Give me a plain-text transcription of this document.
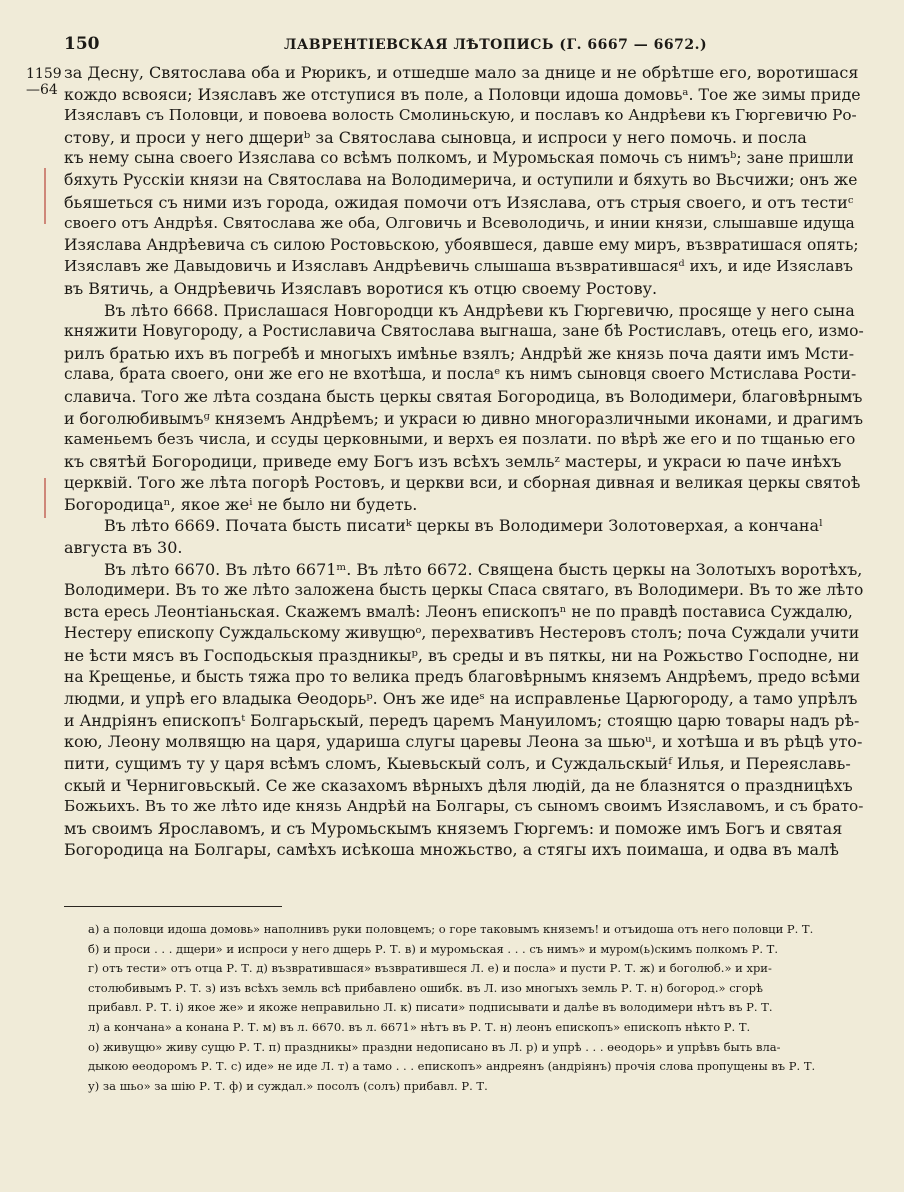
150	ЛАВРЕНТІЕВСКАЯ ЛѢТОПИСЬ (Г. 6667 — 6672.)
1159
—64
за Десну, Святослава оба и Рюрикъ, и отшедше мало за днице и не обрѣтше его, воротишася
кождо всвояси; Изяславъ же отступися въ поле, а Половци идоша домовьᵃ. Тое же зимы приде
Изяславъ съ Половци, и повоева волость Смолиньскую, и пославъ ко Андрѣеви къ Гюргевичю Ро-
стову, и проси у него дщериᵇ за Святослава сыновца, и испроси у него помочь. и посла
къ нему сына своего Изяслава со всѣмъ полкомъ, и Муромьская помочь съ нимъᵇ; зане пришли
бяхуть Русскіи князи на Святослава на Володимерича, и оступили и бяхуть во Вьсчижи; онъ же
бьяшеться съ ними изъ города, ожидая помочи отъ Изяслава, отъ стрыя своего, и отъ тестиᶜ
своего отъ Андрѣя. Святослава же оба, Олговичь и Всеволодичь, и инии князи, слышавше идуща
Изяслава Андрѣевича съ силою Ростовьскою, убоявшеся, давше ему миръ, възвратишася опять;
Изяславъ же Давыдовичь и Изяславъ Андрѣевичь слышаша възвратившасяᵈ ихъ, и иде Изяславъ
въ Вятичь, а Ондрѣевичь Изяславъ воротися къ отцю своему Ростову.
Въ лѣто 6668. Прислашася Новгородци къ Андрѣеви къ Гюргевичю, просяще у него сына
княжити Новугороду, а Ростиславича Святослава выгнаша, зане бѣ Ростиславъ, отець его, измо-
рилъ братью ихъ въ погребѣ и многыхъ имѣнье взялъ; Андрѣй же князь поча даяти имъ Мсти-
слава, брата своего, они же его не вхотѣша, и послаᵉ къ нимъ сыновця своего Мстислава Рости-
славича. Того же лѣта создана бысть церкы святая Богородица, въ Володимери, благовѣрнымъ
и боголюбивымъᶢ княземъ Андрѣемъ; и украси ю дивно многоразличными иконами, и драгимъ
каменьемъ безъ числа, и ссуды церковными, и верхъ ея позлати. по вѣрѣ же его и по тщанью его
къ святѣй Богородици, приведе ему Богъ изъ всѣхъ земльᶻ мастеры, и украси ю паче инѣхъ
церквій. Того же лѣта погорѣ Ростовъ, и церкви вси, и сборная дивная и великая церкы святоѣ
Богородицаⁿ, якое жеⁱ не было ни будеть.
Въ лѣто 6669. Почата бысть писатиᵏ церкы въ Володимери Золотоверхая, а кончанаˡ
августа въ 30.
Въ лѣто 6670. Въ лѣто 6671ᵐ. Въ лѣто 6672. Священа бысть церкы на Золотыхъ воротѣхъ,
Володимери. Въ то же лѣто заложена бысть церкы Спаса святаго, въ Володимери. Въ то же лѣто
вста ересь Леонтіаньская. Скажемъ вмалѣ: Леонъ епископъⁿ не по правдѣ постависа Суждалю,
Нестеру епископу Суждальскому живущюᵒ, перехвативъ Нестеровъ столъ; поча Суждали учити
не ѣсти мясъ въ Господьскыя праздникыᵖ, въ среды и въ пяткы, ни на Рожьство Господне, ни
на Крещенье, и бысть тяжа про то велика предъ благовѣрнымъ княземъ Андрѣемъ, предо всѣми
людми, и упрѣ его владыка Өеодорьᵖ. Онъ же идеˢ на исправленье Царюгороду, а тамо упрѣлъ
и Андріянъ епископъᵗ Болгарьскый, передъ царемъ Мануиломъ; стоящю царю товары надъ рѣ-
кою, Леону молвящю на царя, удариша слугы царевы Леона за шьюᵘ, и хотѣша и въ рѣцѣ уто-
пити, сущимъ ту у царя всѣмъ сломъ, Кыевьскый солъ, и Суждальскыйᶠ Илья, и Переяславь-
скый и Черниговьскый. Се же сказахомъ вѣрныхъ дѣля людій, да не блазнятся о праздницѣхъ
Божьихъ. Въ то же лѣто иде князь Андрѣй на Болгары, съ сыномъ своимъ Изяславомъ, и съ брато-
мъ своимъ Ярославомъ, и съ Муромьскымъ княземъ Гюргемъ: и поможе имъ Богъ и святая
Богородица на Болгары, самѣхъ исѣкоша множьство, а стягы ихъ поимаша, и одва въ малѣ
а) а половци идоша домовь» наполнивъ руки половцемъ; о горе таковымъ княземъ! и отъидоша отъ него половци Р. Т.
б) и проси . . . дщери» и испроси у него дщерь Р. Т. в) и муромьская . . . съ нимъ» и муром(ь)скимъ полкомъ Р. Т.
г) отъ тести» отъ отца Р. Т. д) възвратившася» възвратившеся Л. е) и посла» и пусти Р. Т. ж) и боголюб.» и хри-
столюбивымъ Р. Т. з) изъ всѣхъ земль всѣ прибавлено ошибк. въ Л. изо многыхъ земль Р. Т. н) богород.» сгорѣ
прибавл. Р. Т. і) якое же» и якоже неправильно Л. к) писати» подписывати и далѣе въ володимери нѣтъ въ Р. Т.
л) а кончана» а конана Р. Т. м) въ л. 6670. въ л. 6671» нѣтъ въ Р. Т. н) леонъ епископъ» епископъ нѣкто Р. Т.
о) живущю» живу сущю Р. Т. п) праздникы» праздни недописано въ Л. р) и упрѣ . . . өеодорь» и упрѣвъ быть вла-
дыкою өеодоромъ Р. Т. с) иде» не иде Л. т) а тамо . . . епископъ» андреянъ (андріянъ) прочія слова пропущены въ Р. Т.
у) за шьо» за шію Р. Т. ф) и суждал.» посолъ (солъ) прибавл. Р. Т.
